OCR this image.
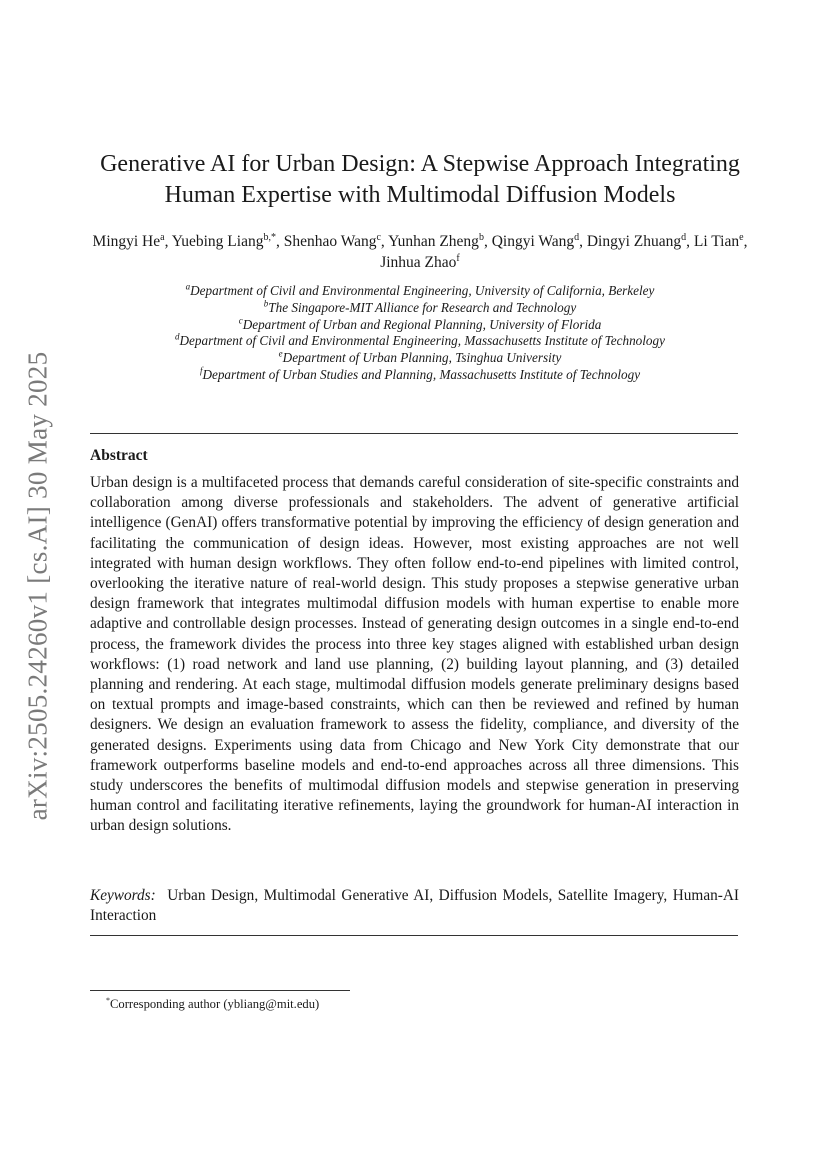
arXiv:2505.24260v1 [cs.AI] 30 May 2025
Generative AI for Urban Design: A Stepwise Approach Integrating
Human Expertise with Multimodal Diffusion Models
Mingyi He$^a$, Yuebing Liang$^{b,*}$, Shenhao Wang$^c$, Yunhan Zheng$^b$, Qingyi Wang$^d$, Dingyi Zhuang$^d$, Li Tian$^e$, Jinhua Zhao$^f$
$^a$Department of Civil and Environmental Engineering, University of California, Berkeley
$^b$The Singapore-MIT Alliance for Research and Technology
$^c$Department of Urban and Regional Planning, University of Florida
$^d$Department of Civil and Environmental Engineering, Massachusetts Institute of Technology
$^e$Department of Urban Planning, Tsinghua University
$^f$Department of Urban Studies and Planning, Massachusetts Institute of Technology
Abstract
Urban design is a multifaceted process that demands careful consideration of site-specific constraints and collaboration among diverse professionals and stakeholders. The advent of generative artificial intelligence (GenAI) offers transformative potential by improving the efficiency of design generation and facilitating the communication of design ideas. However, most existing approaches are not well integrated with human design workflows. They often follow end-to-end pipelines with limited control, overlooking the iterative nature of real-world design. This study proposes a stepwise generative urban design framework that integrates multimodal diffusion models with human expertise to enable more adaptive and controllable design processes. Instead of generating design outcomes in a single end-to-end process, the framework divides the process into three key stages aligned with established urban design workflows: (1) road network and land use planning, (2) building layout planning, and (3) detailed planning and rendering. At each stage, multimodal diffusion models generate preliminary designs based on textual prompts and image-based constraints, which can then be reviewed and refined by human designers. We design an evaluation framework to assess the fidelity, compliance, and diversity of the generated designs. Experiments using data from Chicago and New York City demonstrate that our framework outperforms baseline models and end-to-end approaches across all three dimensions. This study underscores the benefits of multimodal diffusion models and stepwise generation in preserving human control and facilitating iterative refinements, laying the groundwork for human-AI interaction in urban design solutions.
Keywords: Urban Design, Multimodal Generative AI, Diffusion Models, Satellite Imagery, Human-AI Interaction
*Corresponding author (ybliang@mit.edu)
